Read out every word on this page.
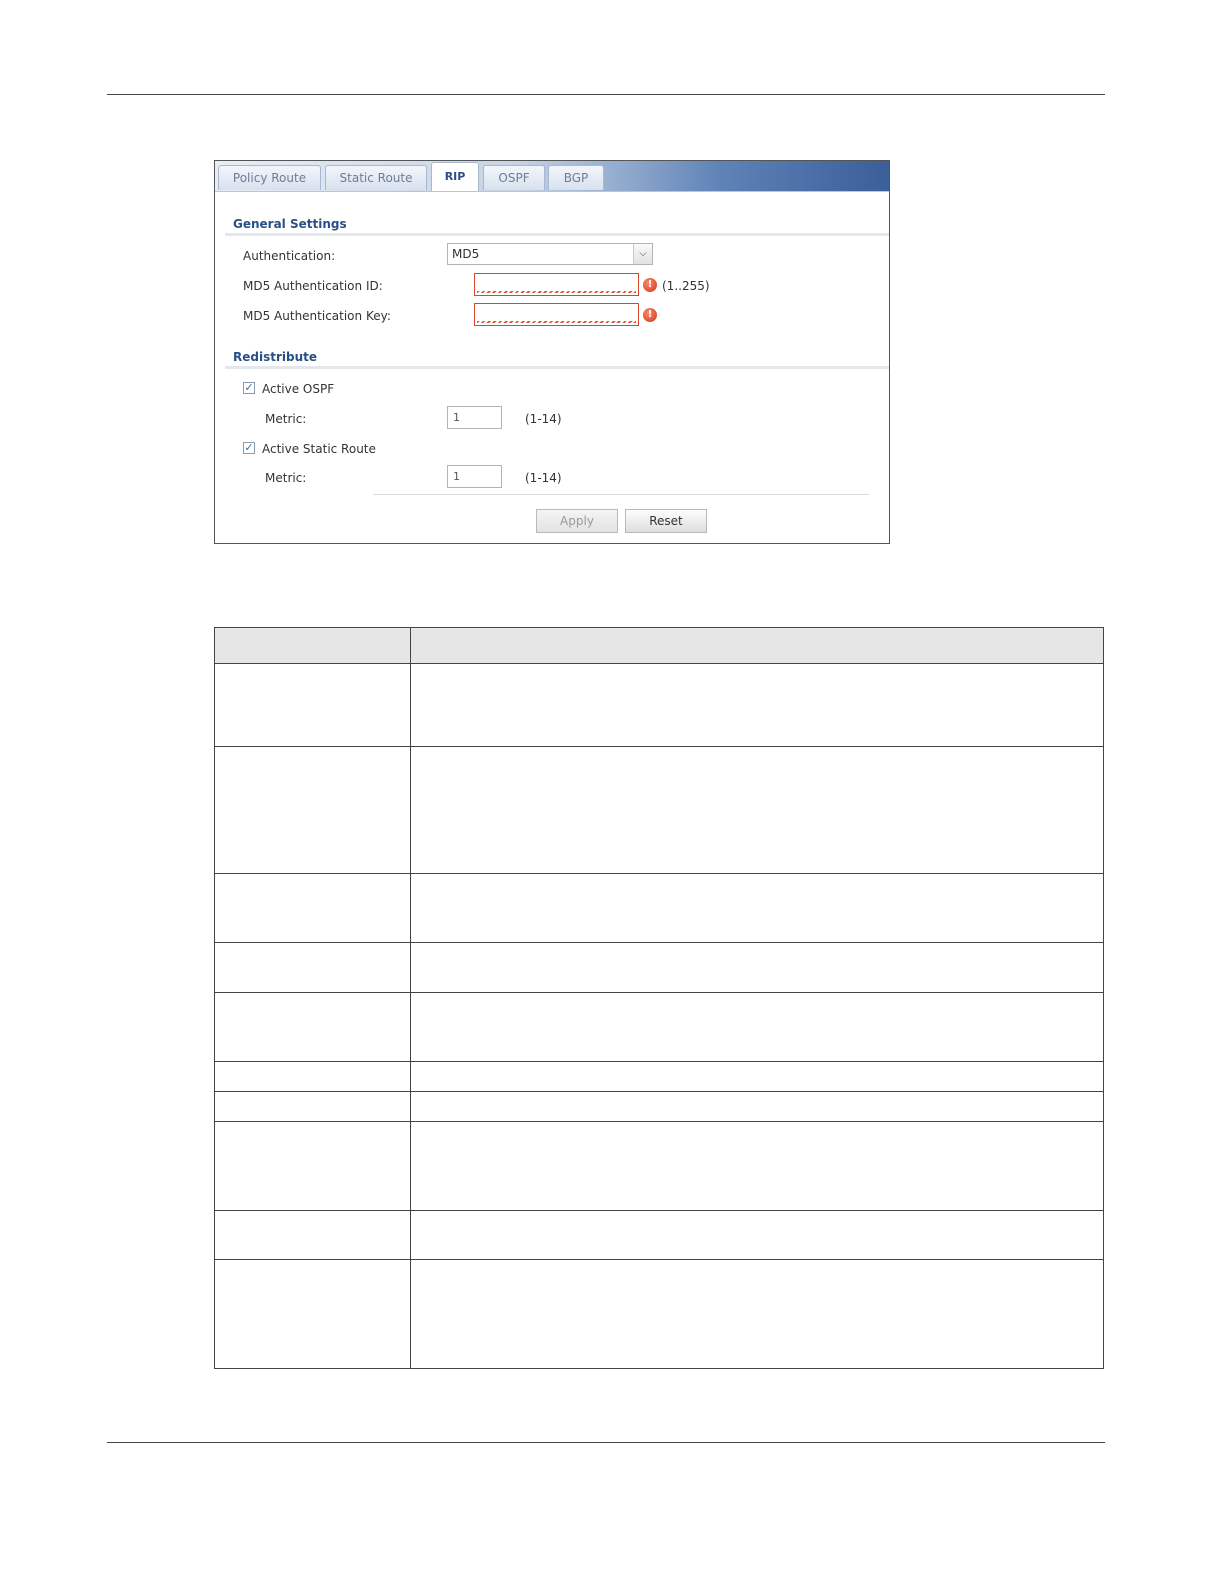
Policy Route	Static Route	RIP	OSPF	BGP
General Settings
Authentication:	MD5	⌵
MD5 Authentication ID:	! (1..255)
MD5 Authentication Key:	!
Redistribute
✓ Active OSPF
Metric:	1	(1-14)
✓ Active Static Route
Metric:	1	(1-14)
Apply	Reset
